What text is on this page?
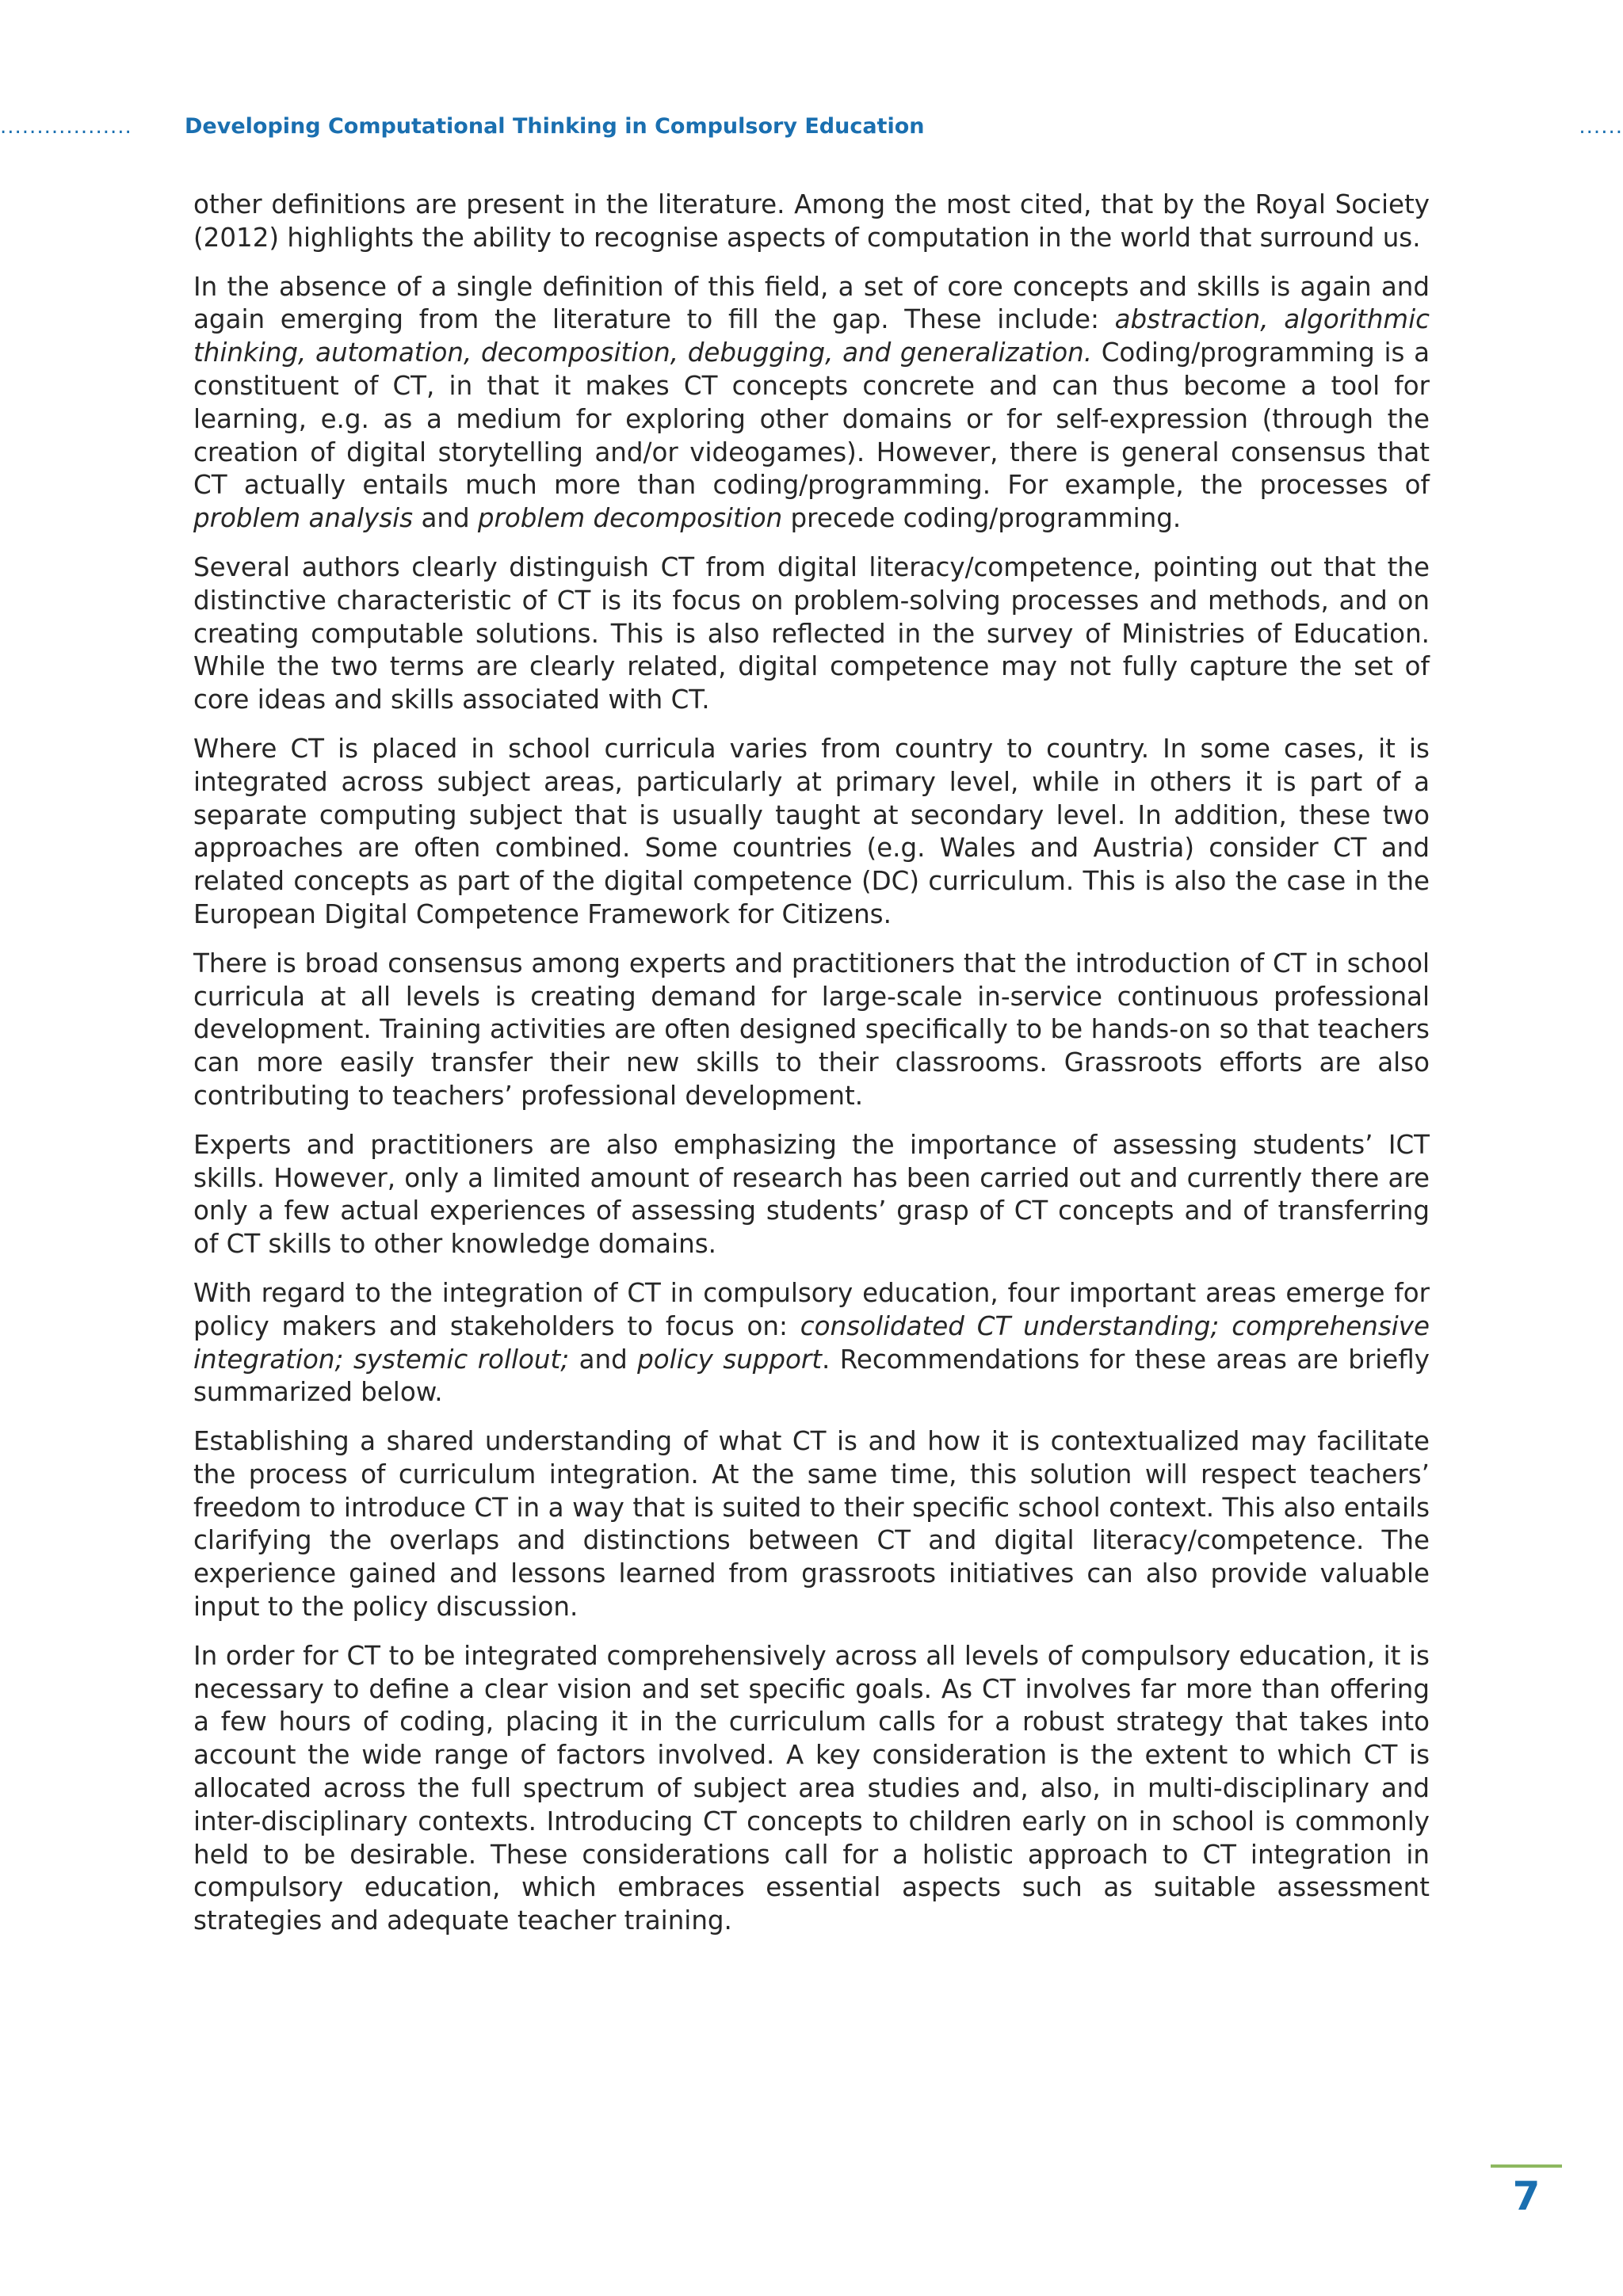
.................. Developing Computational Thinking in Compulsory Education	......

other definitions are present in the literature. Among the most cited, that by the Royal Society (2012) highlights the ability to recognise aspects of computation in the world that surround us.

In the absence of a single definition of this field, a set of core concepts and skills is again and again emerging from the literature to fill the gap. These include: abstraction, algorithmic thinking, automation, decomposition, debugging, and generalization. Coding/programming is a constituent of CT, in that it makes CT concepts concrete and can thus become a tool for learning, e.g. as a medium for exploring other domains or for self-expression (through the creation of digital storytelling and/or videogames). However, there is general consensus that CT actually entails much more than coding/programming. For example, the processes of problem analysis and problem decomposition precede coding/programming.

Several authors clearly distinguish CT from digital literacy/competence, pointing out that the distinctive characteristic of CT is its focus on problem-solving processes and methods, and on creating computable solutions. This is also reflected in the survey of Ministries of Education. While the two terms are clearly related, digital competence may not fully capture the set of core ideas and skills associated with CT.

Where CT is placed in school curricula varies from country to country. In some cases, it is integrated across subject areas, particularly at primary level, while in others it is part of a separate computing subject that is usually taught at secondary level. In addition, these two approaches are often combined. Some countries (e.g. Wales and Austria) consider CT and related concepts as part of the digital competence (DC) curriculum. This is also the case in the European Digital Competence Framework for Citizens.

There is broad consensus among experts and practitioners that the introduction of CT in school curricula at all levels is creating demand for large-scale in-service continuous professional development. Training activities are often designed specifically to be hands-on so that teachers can more easily transfer their new skills to their classrooms. Grassroots efforts are also contributing to teachers’ professional development.

Experts and practitioners are also emphasizing the importance of assessing students’ ICT skills. However, only a limited amount of research has been carried out and currently there are only a few actual experiences of assessing students’ grasp of CT concepts and of transferring of CT skills to other knowledge domains.

With regard to the integration of CT in compulsory education, four important areas emerge for policy makers and stakeholders to focus on: consolidated CT understanding; comprehensive integration; systemic rollout; and policy support. Recommendations for these areas are briefly summarized below.

Establishing a shared understanding of what CT is and how it is contextualized may facilitate the process of curriculum integration. At the same time, this solution will respect teachers’ freedom to introduce CT in a way that is suited to their specific school context. This also entails clarifying the overlaps and distinctions between CT and digital literacy/competence. The experience gained and lessons learned from grassroots initiatives can also provide valuable input to the policy discussion.

In order for CT to be integrated comprehensively across all levels of compulsory education, it is necessary to define a clear vision and set specific goals. As CT involves far more than offering a few hours of coding, placing it in the curriculum calls for a robust strategy that takes into account the wide range of factors involved. A key consideration is the extent to which CT is allocated across the full spectrum of subject area studies and, also, in multi-disciplinary and inter-disciplinary contexts. Introducing CT concepts to children early on in school is commonly held to be desirable. These considerations call for a holistic approach to CT integration in compulsory education, which embraces essential aspects such as suitable assessment strategies and adequate teacher training.

7
